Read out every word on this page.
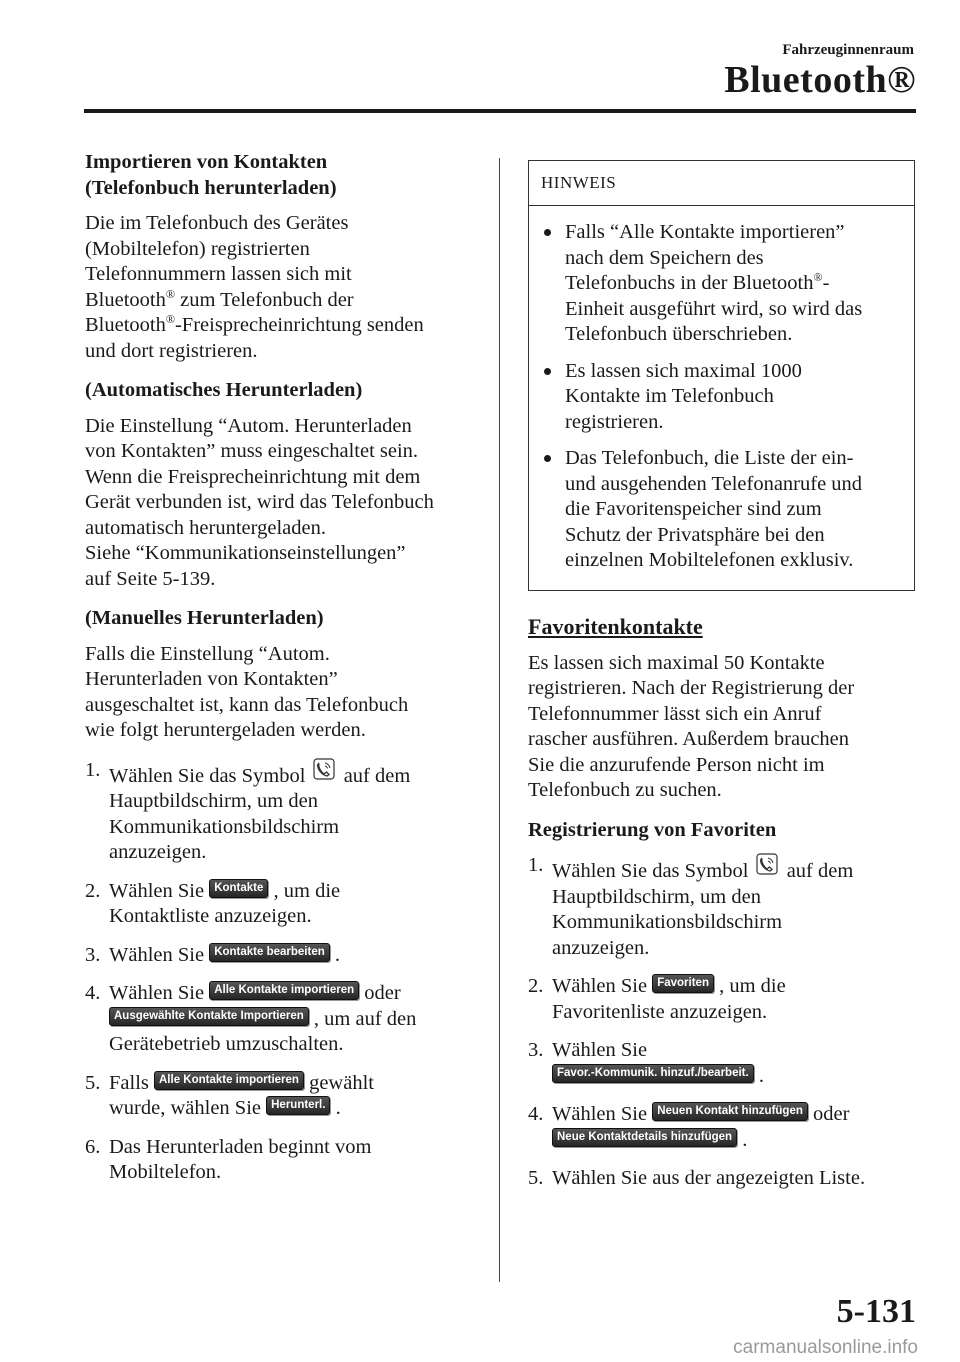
Fahrzeuginnenraum
Bluetooth®
Importieren von Kontakten
(Telefonbuch herunterladen)

Die im Telefonbuch des Gerätes
(Mobiltelefon) registrierten
Telefonnummern lassen sich mit
Bluetooth® zum Telefonbuch der
Bluetooth®-Freisprecheinrichtung senden
und dort registrieren.

(Automatisches Herunterladen)

Die Einstellung “Autom. Herunterladen
von Kontakten” muss eingeschaltet sein.
Wenn die Freisprecheinrichtung mit dem
Gerät verbunden ist, wird das Telefonbuch
automatisch heruntergeladen.
Siehe “Kommunikationseinstellungen”
auf Seite 5-139.

(Manuelles Herunterladen)

Falls die Einstellung “Autom.
Herunterladen von Kontakten”
ausgeschaltet ist, kann das Telefonbuch
wie folgt heruntergeladen werden.

1. Wählen Sie das Symbol  auf dem
Hauptbildschirm, um den
Kommunikationsbildschirm
anzuzeigen.
2. Wählen Sie Kontakte , um die
Kontaktliste anzuzeigen.
3. Wählen Sie Kontakte bearbeiten .
4. Wählen Sie Alle Kontakte importieren oder
Ausgewählte Kontakte Importieren , um auf den
Gerätebetrieb umzuschalten.
5. Falls Alle Kontakte importieren gewählt
wurde, wählen Sie Herunterl. .
6. Das Herunterladen beginnt vom
Mobiltelefon.
HINWEIS
Falls “Alle Kontakte importieren”
nach dem Speichern des
Telefonbuchs in der Bluetooth®-
Einheit ausgeführt wird, so wird das
Telefonbuch überschrieben.
Es lassen sich maximal 1000
Kontakte im Telefonbuch
registrieren.
Das Telefonbuch, die Liste der ein-
und ausgehenden Telefonanrufe und
die Favoritenspeicher sind zum
Schutz der Privatsphäre bei den
einzelnen Mobiltelefonen exklusiv.
Favoritenkontakte

Es lassen sich maximal 50 Kontakte
registrieren. Nach der Registrierung der
Telefonnummer lässt sich ein Anruf
rascher ausführen. Außerdem brauchen
Sie die anzurufende Person nicht im
Telefonbuch zu suchen.

Registrierung von Favoriten
1. Wählen Sie das Symbol  auf dem
Hauptbildschirm, um den
Kommunikationsbildschirm
anzuzeigen.
2. Wählen Sie Favoriten , um die
Favoritenliste anzuzeigen.
3. Wählen Sie
Favor.-Kommunik. hinzuf./bearbeit. .
4. Wählen Sie Neuen Kontakt hinzufügen oder
Neue Kontaktdetails hinzufügen .
5. Wählen Sie aus der angezeigten Liste.
5-131
carmanualsonline.info
